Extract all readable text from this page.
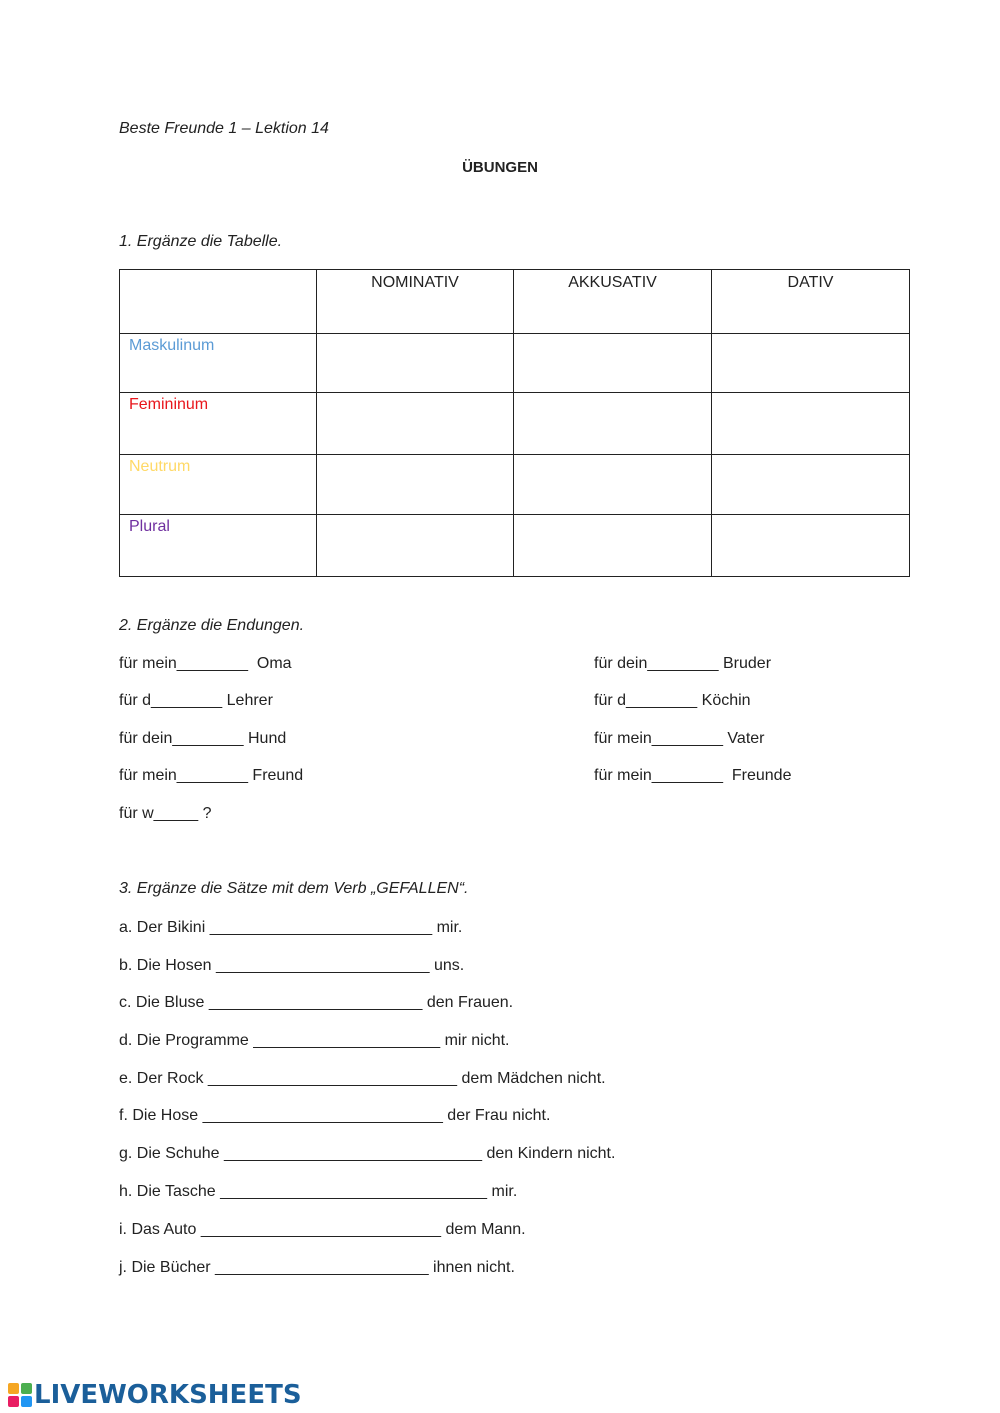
Beste Freunde 1 – Lektion 14
ÜBUNGEN
1. Ergänze die Tabelle.
	NOMINATIV	AKKUSATIV	DATIV
Maskulinum			
Femininum			
Neutrum			
Plural			
2. Ergänze die Endungen.
für mein________  Oma
für d________ Lehrer
für dein________ Hund
für mein________ Freund
für w_____ ?
für dein________ Bruder
für d________ Köchin
für mein________ Vater
für mein________  Freunde
3. Ergänze die Sätze mit dem Verb „GEFALLEN“.
a. Der Bikini _________________________ mir.
b. Die Hosen ________________________ uns.
c. Die Bluse ________________________ den Frauen.
d. Die Programme _____________________ mir nicht.
e. Der Rock ____________________________ dem Mädchen nicht.
f. Die Hose ___________________________ der Frau nicht.
g. Die Schuhe _____________________________ den Kindern nicht.
h. Die Tasche ______________________________ mir.
i. Das Auto ___________________________ dem Mann.
j. Die Bücher ________________________ ihnen nicht.
LIVEWORKSHEETS
